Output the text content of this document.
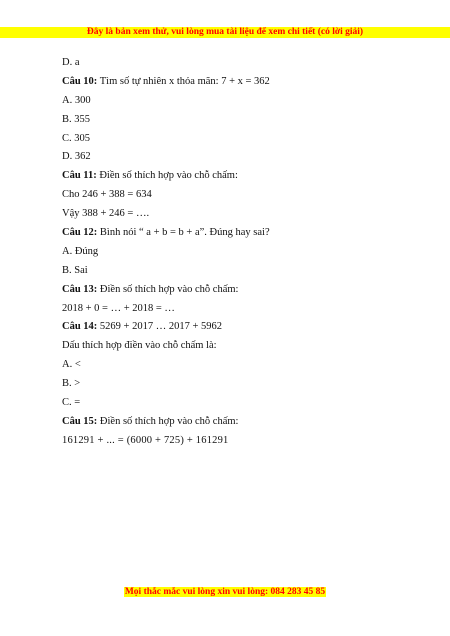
Đây là bản xem thử, vui lòng mua tài liệu để xem chi tiết (có lời giải)
D. a
Câu 10: Tìm số tự nhiên x thỏa mãn: 7 + x = 362
A. 300
B. 355
C. 305
D. 362
Câu 11: Điền số thích hợp vào chỗ chấm:
Cho 246 + 388 = 634
Vậy 388 + 246 = ….
Câu 12: Bình nói “ a + b = b + a”. Đúng hay sai?
A. Đúng
B. Sai
Câu 13: Điền số thích hợp vào chỗ chấm:
2018 + 0 = … + 2018 = …
Câu 14: 5269 + 2017 … 2017 + 5962
Dấu thích hợp điền vào chỗ chấm là:
A. <
B. >
C. =
Câu 15: Điền số thích hợp vào chỗ chấm:
161291 + ... = (6000 + 725) + 161291
Mọi thắc mắc vui lòng xin vui lòng: 084 283 45 85
